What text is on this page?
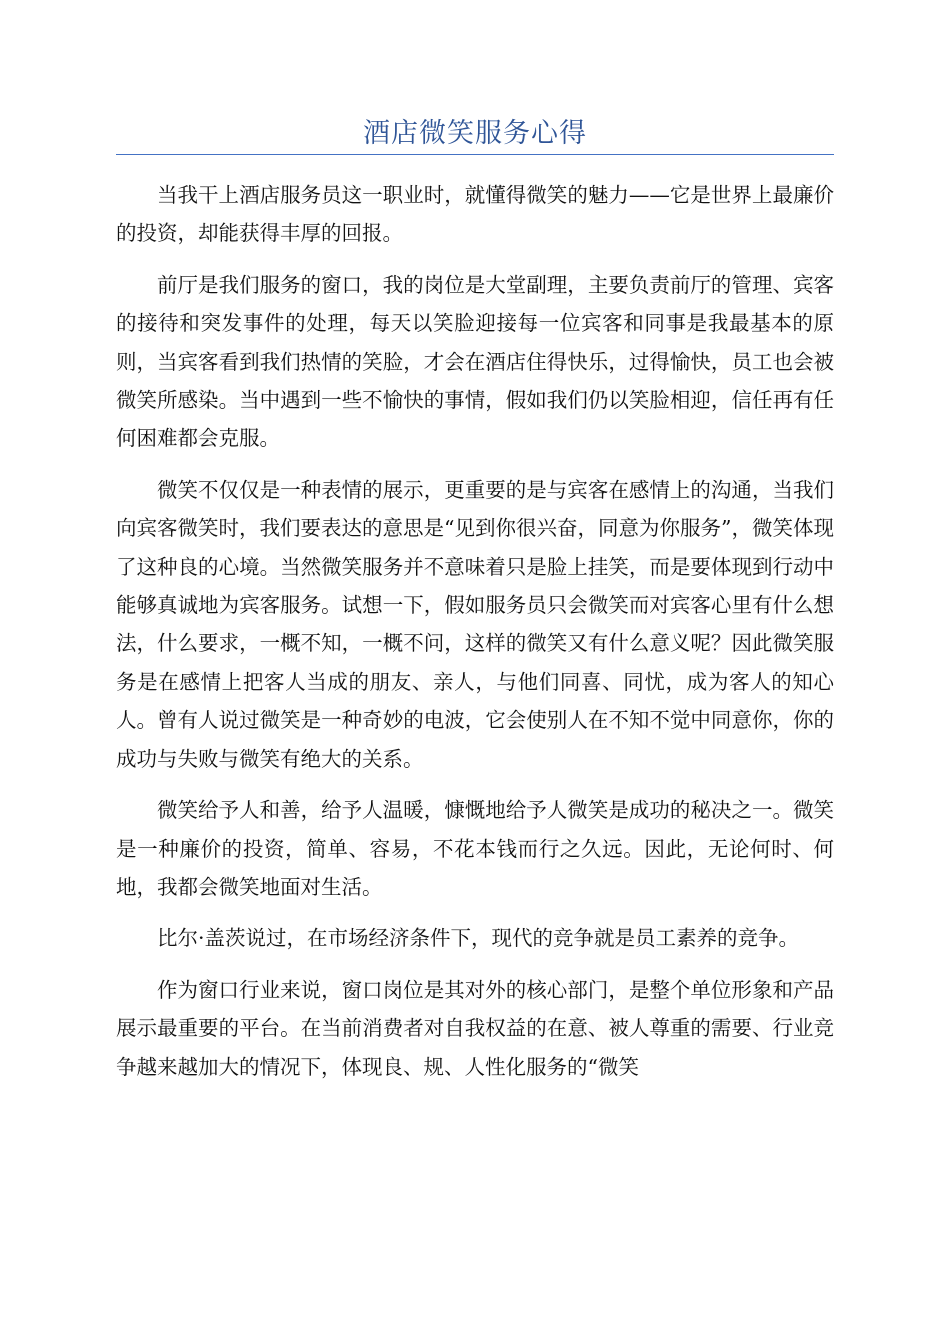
酒店微笑服务心得

当我干上酒店服务员这一职业时，就懂得微笑的魅力——它是世界上最廉价的投资，却能获得丰厚的回报。

前厅是我们服务的窗口，我的岗位是大堂副理，主要负责前厅的管理、宾客的接待和突发事件的处理，每天以笑脸迎接每一位宾客和同事是我最基本的原则，当宾客看到我们热情的笑脸，才会在酒店住得快乐，过得愉快，员工也会被微笑所感染。当中遇到一些不愉快的事情，假如我们仍以笑脸相迎，信任再有任何困难都会克服。

微笑不仅仅是一种表情的展示，更重要的是与宾客在感情上的沟通，当我们向宾客微笑时，我们要表达的意思是“见到你很兴奋，同意为你服务”，微笑体现了这种良的心境。当然微笑服务并不意味着只是脸上挂笑，而是要体现到行动中能够真诚地为宾客服务。试想一下，假如服务员只会微笑而对宾客心里有什么想法，什么要求，一概不知，一概不问，这样的微笑又有什么意义呢？因此微笑服务是在感情上把客人当成的朋友、亲人，与他们同喜、同忧，成为客人的知心人。曾有人说过微笑是一种奇妙的电波，它会使别人在不知不觉中同意你，你的成功与失败与微笑有绝大的关系。

微笑给予人和善，给予人温暖，慷慨地给予人微笑是成功的秘决之一。微笑是一种廉价的投资，简单、容易，不花本钱而行之久远。因此，无论何时、何地，我都会微笑地面对生活。

比尔·盖茨说过，在市场经济条件下，现代的竞争就是员工素养的竞争。

作为窗口行业来说，窗口岗位是其对外的核心部门，是整个单位形象和产品展示最重要的平台。在当前消费者对自我权益的在意、被人尊重的需要、行业竞争越来越加大的情况下，体现良、规、人性化服务的“微笑
